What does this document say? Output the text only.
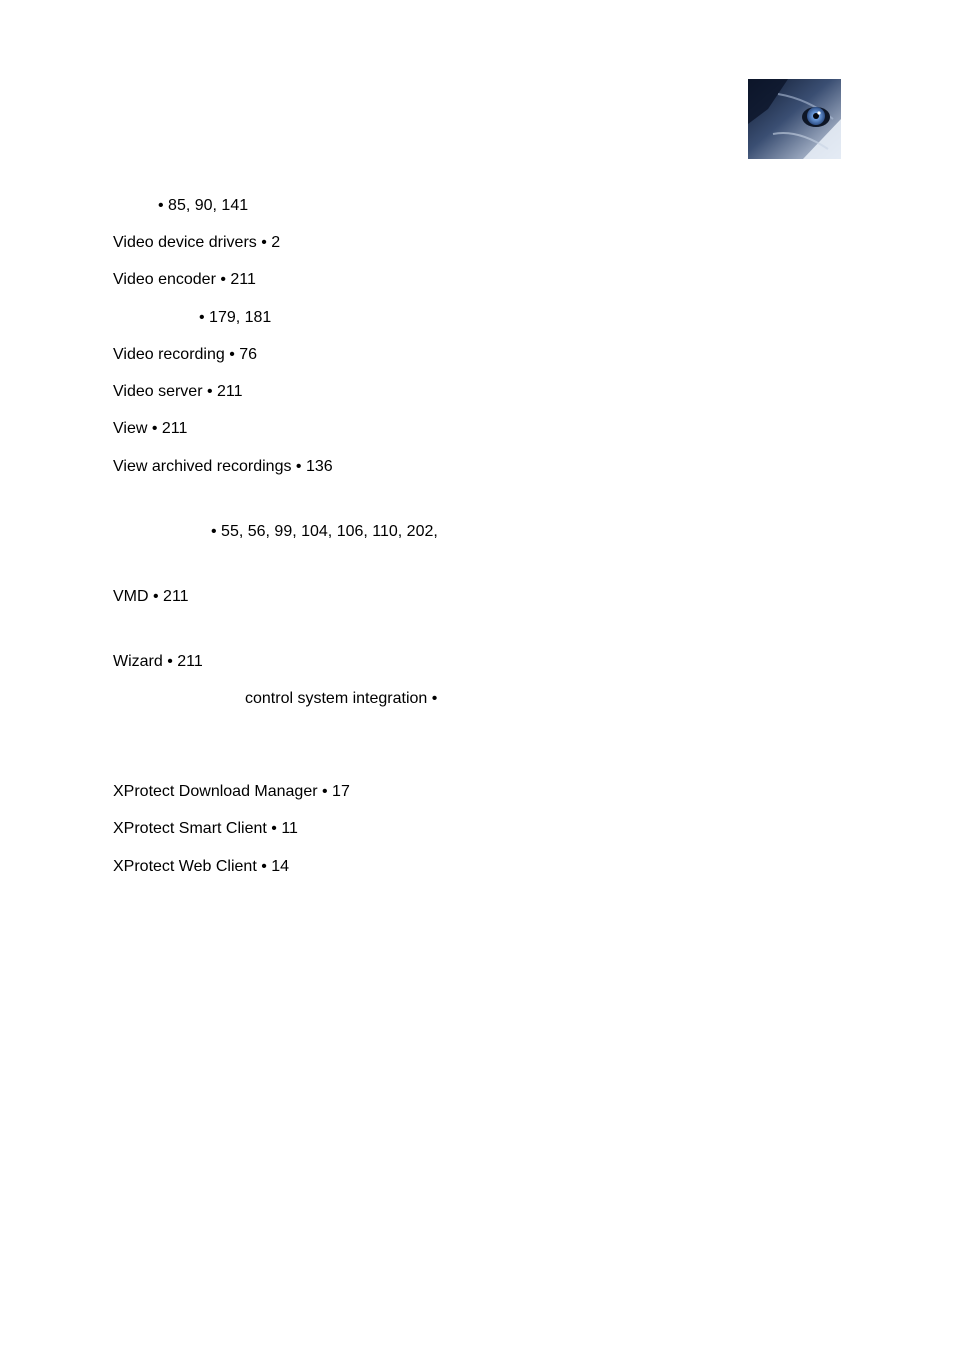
• 85, 90, 141
Video device drivers • 2
Video encoder • 211
• 179, 181
Video recording • 76
Video server • 211
View • 211
View archived recordings • 136
• 55, 56, 99, 104, 106, 110, 202,
VMD • 211
Wizard • 211
control system integration •
XProtect Download Manager • 17
XProtect Smart Client • 11
XProtect Web Client • 14
